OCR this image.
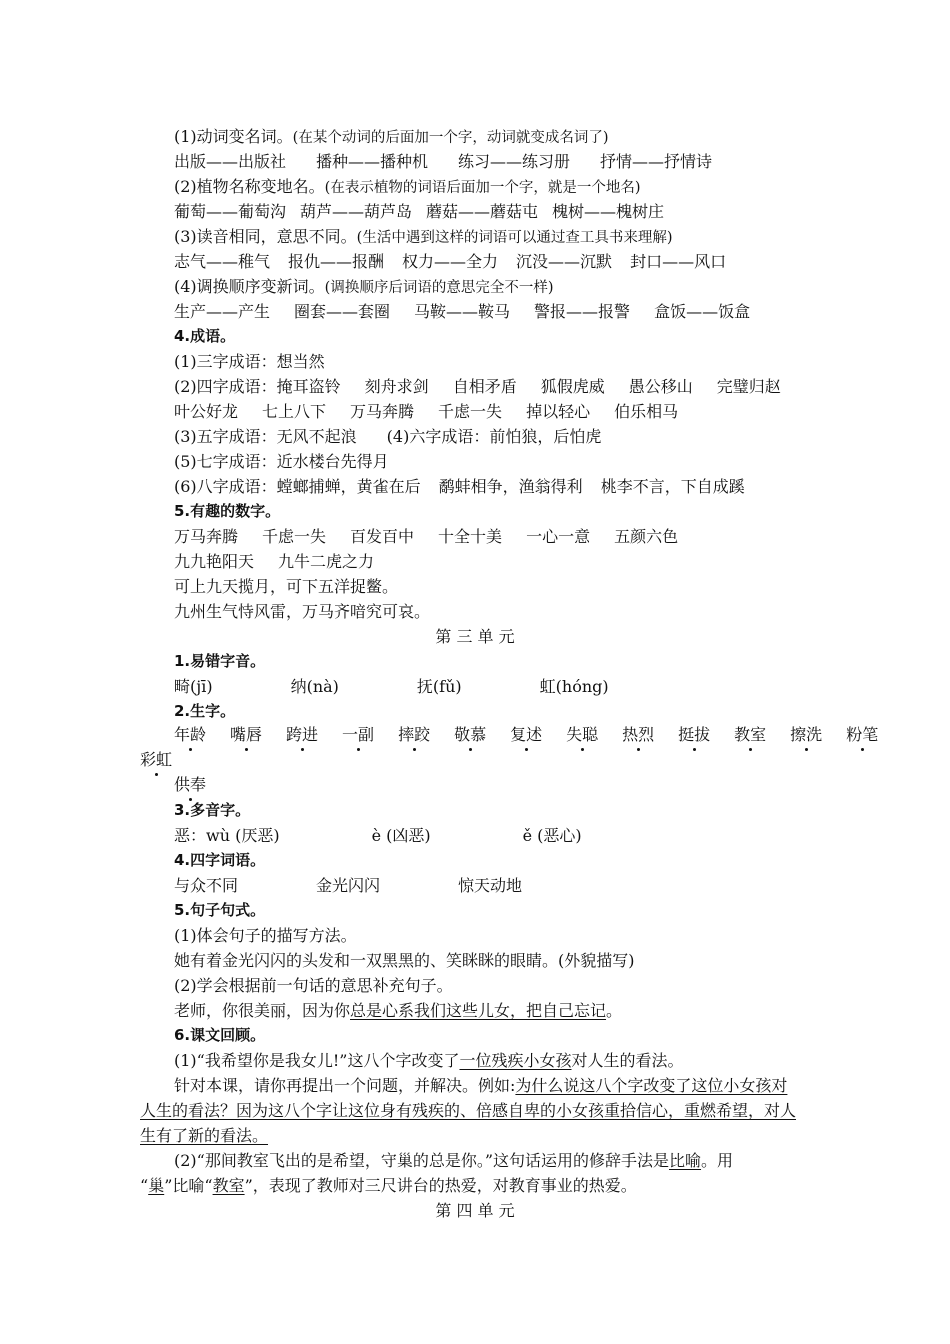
(1)动词变名词。(在某个动词的后面加一个字，动词就变成名词了)
出版——出版社 播种——播种机 练习——练习册 抒情——抒情诗
(2)植物名称变地名。(在表示植物的词语后面加一个字，就是一个地名)
葡萄——葡萄沟 葫芦——葫芦岛 蘑菇——蘑菇屯 槐树——槐树庄
(3)读音相同，意思不同。(生活中遇到这样的词语可以通过查工具书来理解)
志气——稚气 报仇——报酬 权力——全力 沉没——沉默 封口——风口
(4)调换顺序变新词。(调换顺序后词语的意思完全不一样)
生产——产生 圈套——套圈 马鞍——鞍马 警报——报警 盒饭——饭盒
4.成语。
(1)三字成语：想当然
(2)四字成语：掩耳盗铃 刻舟求剑 自相矛盾 狐假虎威 愚公移山 完璧归赵
叶公好龙 七上八下 万马奔腾 千虑一失 掉以轻心 伯乐相马
(3)五字成语：无风不起浪 (4)六字成语：前怕狼，后怕虎
(5)七字成语：近水楼台先得月
(6)八字成语：螳螂捕蝉，黄雀在后 鹬蚌相争，渔翁得利 桃李不言，下自成蹊
5.有趣的数字。
万马奔腾 千虑一失 百发百中 十全十美 一心一意 五颜六色
九九艳阳天 九牛二虎之力
可上九天揽月，可下五洋捉鳖。
九州生气恃风雷，万马齐喑究可哀。
第 三 单 元
1.易错字音。
畸(jī)	纳(nà)	抚(fǔ)	虹(hóng)
2.生字。
年龄 嘴唇 跨进 一副 摔跤 敬慕 复述 失聪 热烈 挺拔 教室 擦洗 粉笔
彩虹
供奉
3.多音字。
恶：wù (厌恶)	è (凶恶)	ě (恶心)
4.四字词语。
与众不同	金光闪闪	惊天动地
5.句子句式。
(1)体会句子的描写方法。
她有着金光闪闪的头发和一双黑黑的、笑眯眯的眼睛。(外貌描写)
(2)学会根据前一句话的意思补充句子。
老师，你很美丽，因为你总是心系我们这些儿女，把自己忘记。
6.课文回顾。
(1)“我希望你是我女儿!”这八个字改变了一位残疾小女孩对人生的看法。
针对本课，请你再提出一个问题，并解决。例如:为什么说这八个字改变了这位小女孩对
人生的看法？因为这八个字让这位身有残疾的、倍感自卑的小女孩重拾信心，重燃希望，对人
生有了新的看法。
(2)“那间教室飞出的是希望，守巢的总是你。”这句话运用的修辞手法是比喻。用
“巢”比喻“教室”，表现了教师对三尺讲台的热爱，对教育事业的热爱。
第 四 单 元
